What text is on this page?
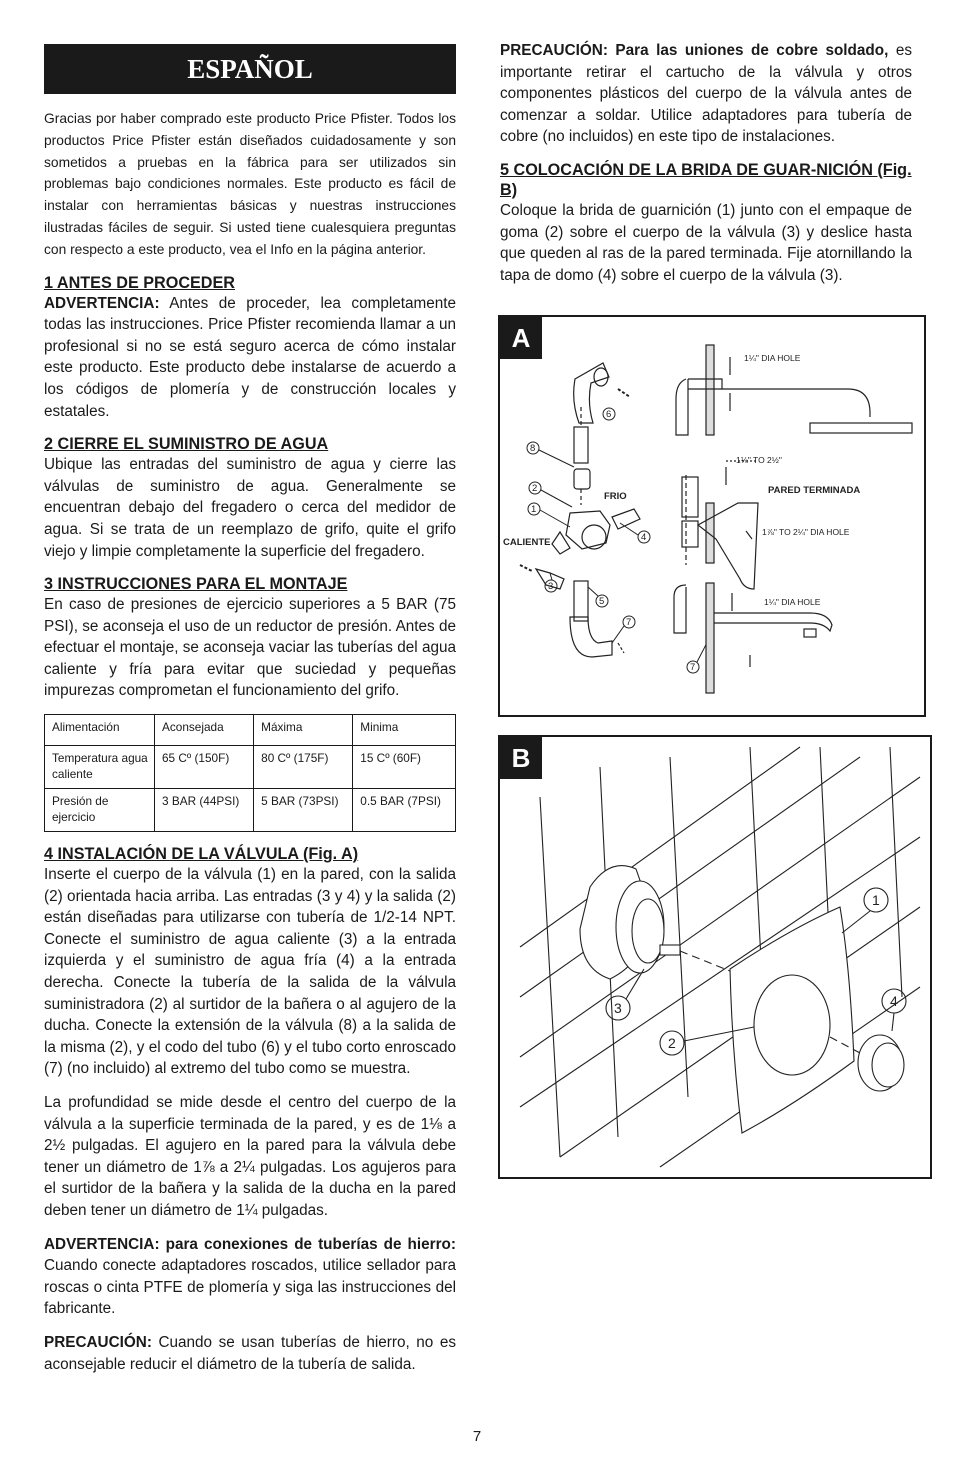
ESPAÑOL

Gracias por haber comprado este producto Price Pfister. Todos los productos Price Pfister están diseñados cuidadosamente y son sometidos a pruebas en la fábrica para ser utilizados sin problemas bajo condiciones normales. Este producto es fácil de instalar con herramientas básicas y nuestras instrucciones ilustradas fáciles de seguir. Si usted tiene cualesquiera preguntas con respecto a este producto, vea el Info en la página anterior.

1 ANTES DE PROCEDER

ADVERTENCIA: Antes de proceder, lea completamente todas las instrucciones. Price Pfister recomienda llamar a un profesional si no se está seguro acerca de cómo instalar este producto. Este producto debe instalarse de acuerdo a los códigos de plomería y de construcción locales y estatales.

2 CIERRE EL SUMINISTRO DE AGUA

Ubique las entradas del suministro de agua y cierre las válvulas de suministro de agua. Generalmente se encuentran debajo del fregadero o cerca del medidor de agua. Si se trata de un reemplazo de grifo, quite el grifo viejo y limpie completamente la superficie del fregadero.

3 INSTRUCCIONES PARA EL MONTAJE

En caso de presiones de ejercicio superiores a 5 BAR (75 PSI), se aconseja el uso de un reductor de presión. Antes de efectuar el montaje, se aconseja vaciar las tuberías del agua caliente y fría para evitar que suciedad y pequeñas impurezas comprometan el funcionamiento del grifo.

Alimentación	Aconsejada	Máxima	Minima
Temperatura agua caliente	65 Cº (150F)	80 Cº (175F)	15 Cº (60F)
Presión de ejercicio	3 BAR (44PSI)	5 BAR (73PSI)	0.5 BAR (7PSI)
4 INSTALACIÓN DE LA VÁLVULA (Fig. A)

Inserte el cuerpo de la válvula (1) en la pared, con la salida (2) orientada hacia arriba. Las entradas (3 y 4) y la salida (2) están diseñadas para utilizarse con tubería de 1/2-14 NPT. Conecte el suministro de agua caliente (3) a la entrada izquierda y el suministro de agua fría (4) a la entrada derecha. Conecte la tubería de la salida de la válvula suministradora (2) al surtidor de la bañera o al agujero de la ducha. Conecte la extensión de la válvula (8) a la salida de la misma (2), y el codo del tubo (6) y el tubo corto enroscado (7) (no incluido) al extremo del tubo como se muestra.

La profundidad se mide desde el centro del cuerpo de la válvula a la superficie terminada de la pared, y es de 1⅛ a 2½ pulgadas. El agujero en la pared para la válvula debe tener un diámetro de 1⅞ a 2¼ pulgadas. Los agujeros para el surtidor de la bañera y la salida de la ducha en la pared deben tener un diámetro de 1¼ pulgadas.

ADVERTENCIA: para conexiones de tuberías de hierro: Cuando conecte adaptadores roscados, utilice sellador para roscas o cinta PTFE de plomería y siga las instrucciones del fabricante.

PRECAUCIÓN: Cuando se usan tuberías de hierro, no es aconsejable reducir el diámetro de la tubería de salida.

PRECAUCIÓN: Para las uniones de cobre soldado, es importante retirar el cartucho de la válvula y otros componentes plásticos del cuerpo de la válvula antes de comenzar a soldar. Utilice adaptadores para tubería de cobre (no incluidos) en este tipo de instalaciones.

5 COLOCACIÓN DE LA BRIDA DE GUAR-NICIÓN (Fig. B)

Coloque la brida de guarnición (1) junto con el empaque de goma (2) sobre el cuerpo de la válvula (3) y deslice hasta que queden al ras de la pared terminada. Fije atornillando la tapa de domo (4) sobre el cuerpo de la válvula (3).

A
8
6
2
1
4
3
5
7
7
FRIO
CALIENTE
PARED TERMINADA
1¼" DIA HOLE
1⅛" TO 2½"
1⅞" TO 2¼" DIA HOLE
1¼" DIA HOLE
B
1
4
3
2
7
